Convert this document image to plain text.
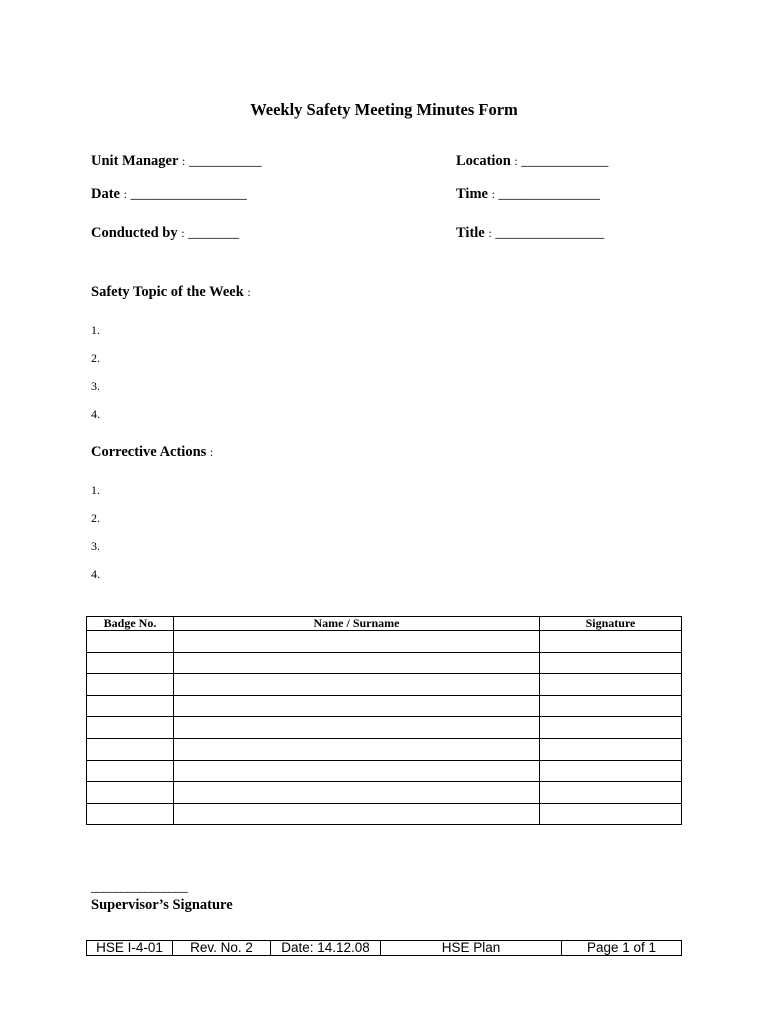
Weekly Safety Meeting Minutes Form
Unit Manager : __________	Location : ____________
Date : ________________	Time : ______________
Conducted by : _______	Title : _______________
Safety Topic of the Week :
1.
2.
3.
4.
Corrective Actions :
1.
2.
3.
4.
Badge No.	Name / Surname	Signature

________________
Supervisor’s Signature
HSE I-4-01	Rev. No. 2	Date: 14.12.08	HSE Plan	Page 1 of 1
